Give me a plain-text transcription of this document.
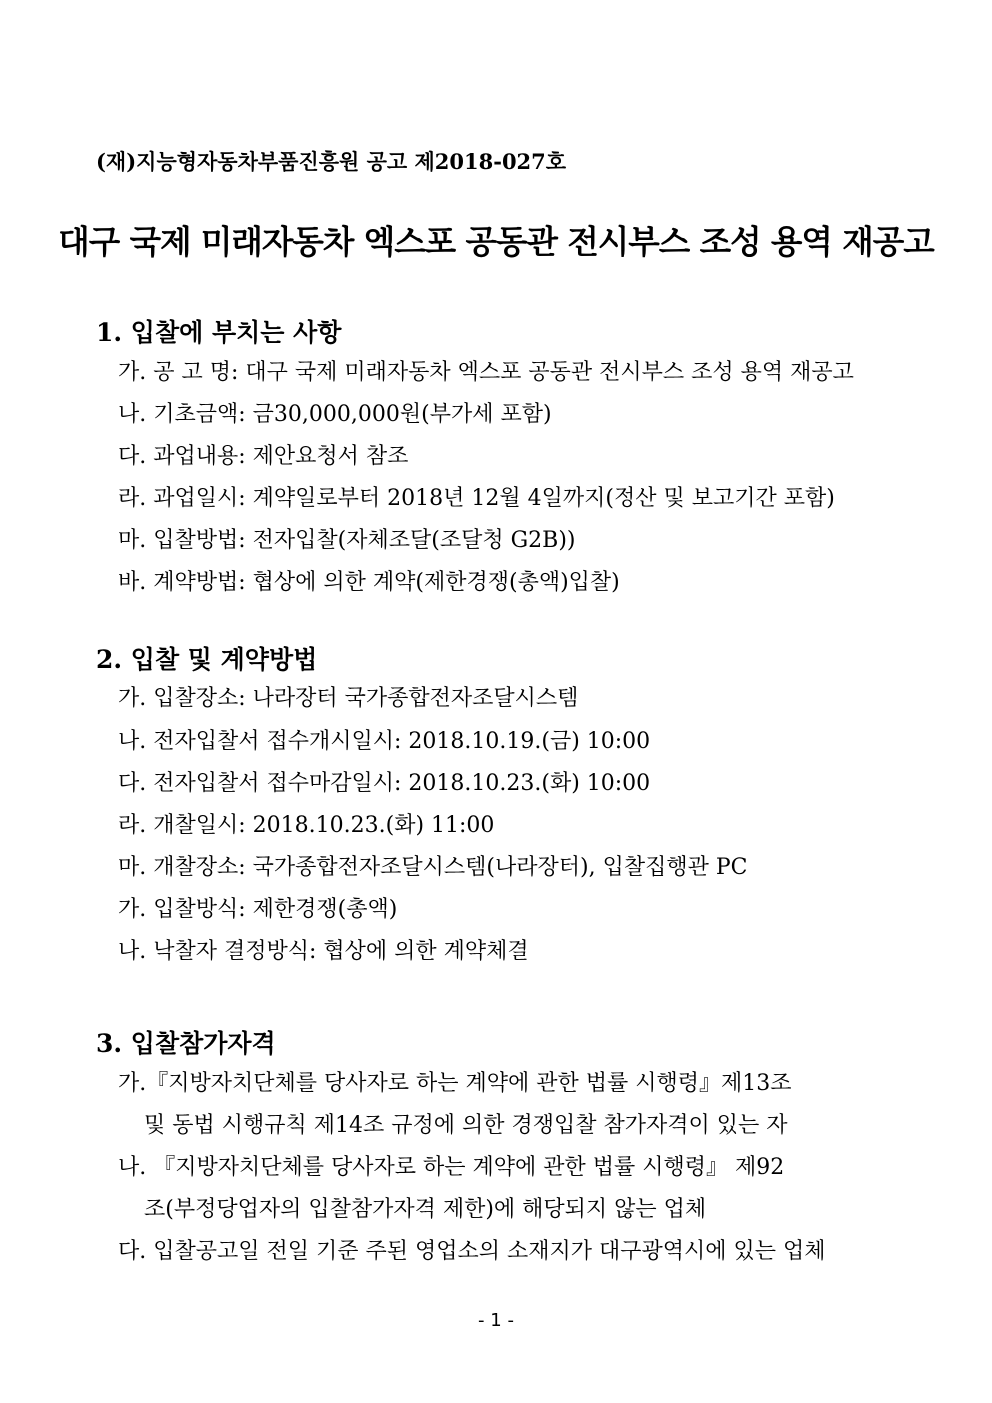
(재)지능형자동차부품진흥원 공고 제2018-027호
대구 국제 미래자동차 엑스포 공동관 전시부스 조성 용역 재공고
1. 입찰에 부치는 사항
가. 공 고 명: 대구 국제 미래자동차 엑스포 공동관 전시부스 조성 용역 재공고
나. 기초금액: 금30,000,000원(부가세 포함)
다. 과업내용: 제안요청서 참조
라. 과업일시: 계약일로부터 2018년 12월 4일까지(정산 및 보고기간 포함)
마. 입찰방법: 전자입찰(자체조달(조달청 G2B))
바. 계약방법: 협상에 의한 계약(제한경쟁(총액)입찰)
2. 입찰 및 계약방법
가. 입찰장소: 나라장터 국가종합전자조달시스템
나. 전자입찰서 접수개시일시: 2018.10.19.(금) 10:00
다. 전자입찰서 접수마감일시: 2018.10.23.(화) 10:00
라. 개찰일시: 2018.10.23.(화) 11:00
마. 개찰장소: 국가종합전자조달시스템(나라장터), 입찰집행관 PC
가. 입찰방식: 제한경쟁(총액)
나. 낙찰자 결정방식: 협상에 의한 계약체결
3. 입찰참가자격
가.『지방자치단체를 당사자로 하는 계약에 관한 법률 시행령』제13조
및 동법 시행규칙 제14조 규정에 의한 경쟁입찰 참가자격이 있는 자
나. 『지방자치단체를 당사자로 하는 계약에 관한 법률 시행령』 제92
조(부정당업자의 입찰참가자격 제한)에 해당되지 않는 업체
다. 입찰공고일 전일 기준 주된 영업소의 소재지가 대구광역시에 있는 업체
- 1 -
